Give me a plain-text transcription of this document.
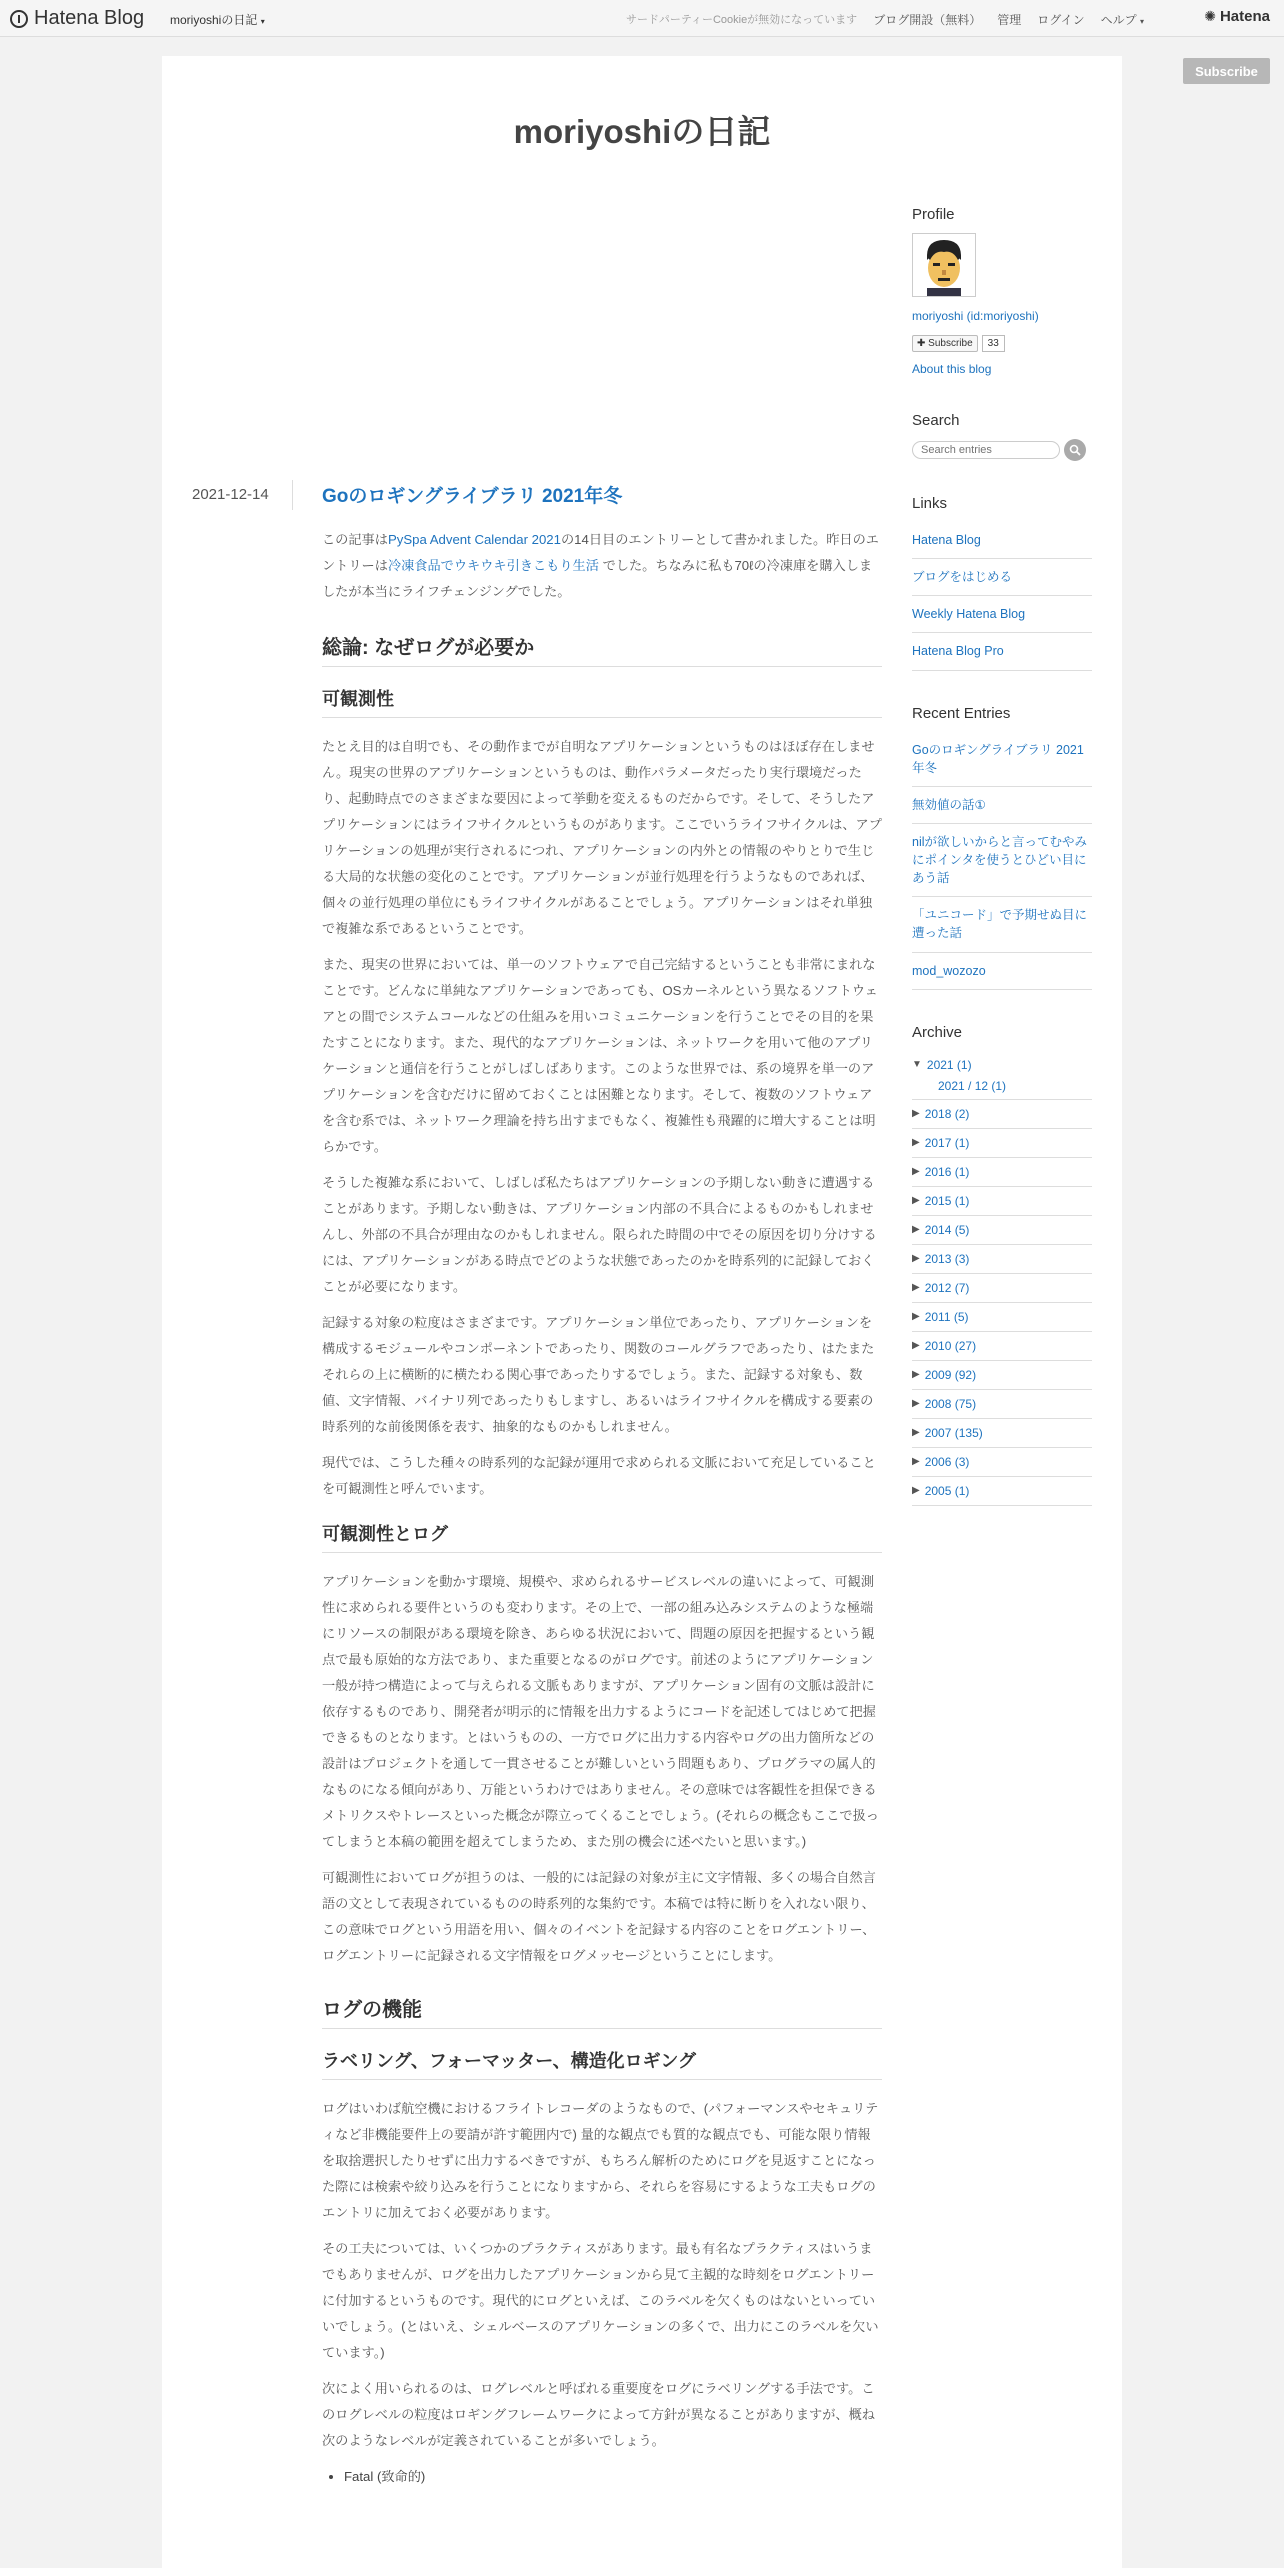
Hatena Blog moriyoshiの日記 ▾	サードパーティーCookieが無効になっています ブログ開設（無料） 管理 ログイン ヘルプ ▾	✺ Hatena
Subscribe
moriyoshiの日記
2021-12-14	Goのロギングライブラリ 2021年冬
この記事はPySpa Advent Calendar 2021の14日目のエントリーとして書かれました。昨日のエントリーは冷凍食品でウキウキ引きこもり生活 でした。ちなみに私も70ℓの冷凍庫を購入しましたが本当にライフチェンジングでした。
総論: なぜログが必要か
可観測性
たとえ目的は自明でも、その動作までが自明なアプリケーションというものはほぼ存在しません。現実の世界のアプリケーションというものは、動作パラメータだったり実行環境だったり、起動時点でのさまざまな要因によって挙動を変えるものだからです。そして、そうしたアプリケーションにはライフサイクルというものがあります。ここでいうライフサイクルは、アプリケーションの処理が実行されるにつれ、アプリケーションの内外との情報のやりとりで生じる大局的な状態の変化のことです。アプリケーションが並行処理を行うようなものであれば、個々の並行処理の単位にもライフサイクルがあることでしょう。アプリケーションはそれ単独で複雑な系であるということです。
また、現実の世界においては、単一のソフトウェアで自己完結するということも非常にまれなことです。どんなに単純なアプリケーションであっても、OSカーネルという異なるソフトウェアとの間でシステムコールなどの仕組みを用いコミュニケーションを行うことでその目的を果たすことになります。また、現代的なアプリケーションは、ネットワークを用いて他のアプリケーションと通信を行うことがしばしばあります。このような世界では、系の境界を単一のアプリケーションを含むだけに留めておくことは困難となります。そして、複数のソフトウェアを含む系では、ネットワーク理論を持ち出すまでもなく、複雑性も飛躍的に増大することは明らかです。
そうした複雑な系において、しばしば私たちはアプリケーションの予期しない動きに遭遇することがあります。予期しない動きは、アプリケーション内部の不具合によるものかもしれませんし、外部の不具合が理由なのかもしれません。限られた時間の中でその原因を切り分けするには、アプリケーションがある時点でどのような状態であったのかを時系列的に記録しておくことが必要になります。
記録する対象の粒度はさまざまです。アプリケーション単位であったり、アプリケーションを構成するモジュールやコンポーネントであったり、関数のコールグラフであったり、はたまたそれらの上に横断的に横たわる関心事であったりするでしょう。また、記録する対象も、数値、文字情報、バイナリ列であったりもしますし、あるいはライフサイクルを構成する要素の時系列的な前後関係を表す、抽象的なものかもしれません。
現代では、こうした種々の時系列的な記録が運用で求められる文脈において充足していることを可観測性と呼んでいます。
可観測性とログ
アプリケーションを動かす環境、規模や、求められるサービスレベルの違いによって、可観測性に求められる要件というのも変わります。その上で、一部の組み込みシステムのような極端にリソースの制限がある環境を除き、あらゆる状況において、問題の原因を把握するという観点で最も原始的な方法であり、また重要となるのがログです。前述のようにアプリケーション一般が持つ構造によって与えられる文脈もありますが、アプリケーション固有の文脈は設計に依存するものであり、開発者が明示的に情報を出力するようにコードを記述してはじめて把握できるものとなります。とはいうものの、一方でログに出力する内容やログの出力箇所などの設計はプロジェクトを通して一貫させることが難しいという問題もあり、プログラマの属人的なものになる傾向があり、万能というわけではありません。その意味では客観性を担保できるメトリクスやトレースといった概念が際立ってくることでしょう。(それらの概念もここで扱ってしまうと本稿の範囲を超えてしまうため、また別の機会に述べたいと思います。)
可観測性においてログが担うのは、一般的には記録の対象が主に文字情報、多くの場合自然言語の文として表現されているものの時系列的な集約です。本稿では特に断りを入れない限り、この意味でログという用語を用い、個々のイベントを記録する内容のことをログエントリー、ログエントリーに記録される文字情報をログメッセージということにします。
ログの機能
ラベリング、フォーマッター、構造化ロギング
ログはいわば航空機におけるフライトレコーダのようなもので、(パフォーマンスやセキュリティなど非機能要件上の要請が許す範囲内で) 量的な観点でも質的な観点でも、可能な限り情報を取捨選択したりせずに出力するべきですが、もちろん解析のためにログを見返すことになった際には検索や絞り込みを行うことになりますから、それらを容易にするような工夫もログのエントリに加えておく必要があります。
その工夫については、いくつかのプラクティスがあります。最も有名なプラクティスはいうまでもありませんが、ログを出力したアプリケーションから見て主観的な時刻をログエントリーに付加するというものです。現代的にログといえば、このラベルを欠くものはないといっていいでしょう。(とはいえ、シェルベースのアプリケーションの多くで、出力にこのラベルを欠いています。)
次によく用いられるのは、ログレベルと呼ばれる重要度をログにラベリングする手法です。このログレベルの粒度はロギングフレームワークによって方針が異なることがありますが、概ね次のようなレベルが定義されていることが多いでしょう。
• Fatal (致命的)
Profile
moriyoshi (id:moriyoshi)
✚ Subscribe	33
About this blog
Search
Search entries
Links
Hatena Blog
ブログをはじめる
Weekly Hatena Blog
Hatena Blog Pro
Recent Entries
Goのロギングライブラリ 2021年冬
無効値の話①
nilが欲しいからと言ってむやみにポインタを使うとひどい目にあう話
「ユニコード」で予期せぬ目に遭った話
mod_wozozo
Archive
▼ 2021 (1)
2021 / 12 (1)
▶ 2018 (2)
▶ 2017 (1)
▶ 2016 (1)
▶ 2015 (1)
▶ 2014 (5)
▶ 2013 (3)
▶ 2012 (7)
▶ 2011 (5)
▶ 2010 (27)
▶ 2009 (92)
▶ 2008 (75)
▶ 2007 (135)
▶ 2006 (3)
▶ 2005 (1)
